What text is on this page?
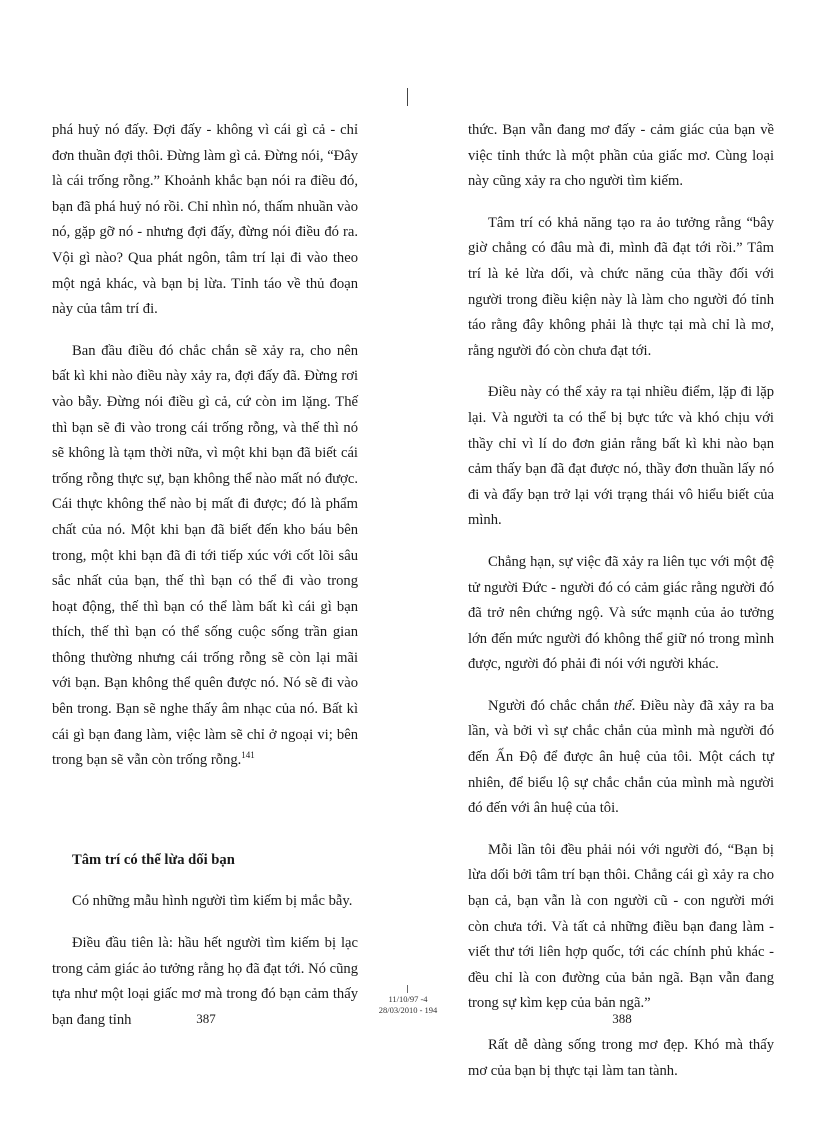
phá huỷ nó đấy. Đợi đấy - không vì cái gì cả - chỉ đơn thuần đợi thôi. Đừng làm gì cả. Đừng nói, “Đây là cái trống rỗng.” Khoảnh khắc bạn nói ra điều đó, bạn đã phá huỷ nó rồi. Chỉ nhìn nó, thấm nhuần vào nó, gặp gỡ nó - nhưng đợi đấy, đừng nói điều đó ra. Vội gì nào? Qua phát ngôn, tâm trí lại đi vào theo một ngả khác, và bạn bị lừa. Tỉnh táo về thủ đoạn này của tâm trí đi.

Ban đầu điều đó chắc chắn sẽ xảy ra, cho nên bất kì khi nào điều này xảy ra, đợi đấy đã. Đừng rơi vào bẫy. Đừng nói điều gì cả, cứ còn im lặng. Thế thì bạn sẽ đi vào trong cái trống rỗng, và thế thì nó sẽ không là tạm thời nữa, vì một khi bạn đã biết cái trống rỗng thực sự, bạn không thể nào mất nó được. Cái thực không thể nào bị mất đi được; đó là phẩm chất của nó. Một khi bạn đã biết đến kho báu bên trong, một khi bạn đã đi tới tiếp xúc với cốt lõi sâu sắc nhất của bạn, thế thì bạn có thể đi vào trong hoạt động, thế thì bạn có thể làm bất kì cái gì bạn thích, thế thì bạn có thể sống cuộc sống trần gian thông thường nhưng cái trống rỗng sẽ còn lại mãi với bạn. Bạn không thể quên được nó. Nó sẽ đi vào bên trong. Bạn sẽ nghe thấy âm nhạc của nó. Bất kì cái gì bạn đang làm, việc làm sẽ chỉ ở ngoại vi; bên trong bạn sẽ vẫn còn trống rỗng.$^{141}$

Tâm trí có thể lừa dối bạn

Có những mẫu hình người tìm kiếm bị mắc bẫy.

Điều đầu tiên là: hầu hết người tìm kiếm bị lạc trong cảm giác ảo tưởng rằng họ đã đạt tới. Nó cũng tựa như một loại giấc mơ mà trong đó bạn cảm thấy bạn đang tỉnh

thức. Bạn vẫn đang mơ đấy - cảm giác của bạn về việc tỉnh thức là một phần của giấc mơ. Cùng loại này cũng xảy ra cho người tìm kiếm.

Tâm trí có khả năng tạo ra ảo tưởng rằng “bây giờ chẳng có đâu mà đi, mình đã đạt tới rồi.” Tâm trí là kẻ lừa dối, và chức năng của thầy đối với người trong điều kiện này là làm cho người đó tỉnh táo rằng đây không phải là thực tại mà chỉ là mơ, rằng người đó còn chưa đạt tới.

Điều này có thể xảy ra tại nhiều điểm, lặp đi lặp lại. Và người ta có thể bị bực tức và khó chịu với thầy chỉ vì lí do đơn giản rằng bất kì khi nào bạn cảm thấy bạn đã đạt được nó, thầy đơn thuần lấy nó đi và đẩy bạn trở lại với trạng thái vô hiểu biết của mình.

Chẳng hạn, sự việc đã xảy ra liên tục với một đệ tử người Đức - người đó có cảm giác rằng người đó đã trở nên chứng ngộ. Và sức mạnh của ảo tưởng lớn đến mức người đó không thể giữ nó trong mình được, người đó phải đi nói với người khác.

Người đó chắc chắn thế. Điều này đã xảy ra ba lần, và bởi vì sự chắc chắn của mình mà người đó đến Ấn Độ để được ân huệ của tôi. Một cách tự nhiên, để biểu lộ sự chắc chắn của mình mà người đó đến với ân huệ của tôi.

Mỗi lần tôi đều phải nói với người đó, “Bạn bị lừa dối bởi tâm trí bạn thôi. Chẳng cái gì xảy ra cho bạn cả, bạn vẫn là con người cũ - con người mới còn chưa tới. Và tất cả những điều bạn đang làm - viết thư tới liên hợp quốc, tới các chính phủ khác - đều chỉ là con đường của bản ngã. Bạn vẫn đang trong sự kìm kẹp của bản ngã.”

Rất dễ dàng sống trong mơ đẹp. Khó mà thấy mơ của bạn bị thực tại làm tan tành.

11/10/97 -4
28/03/2010 - 194
387	388
